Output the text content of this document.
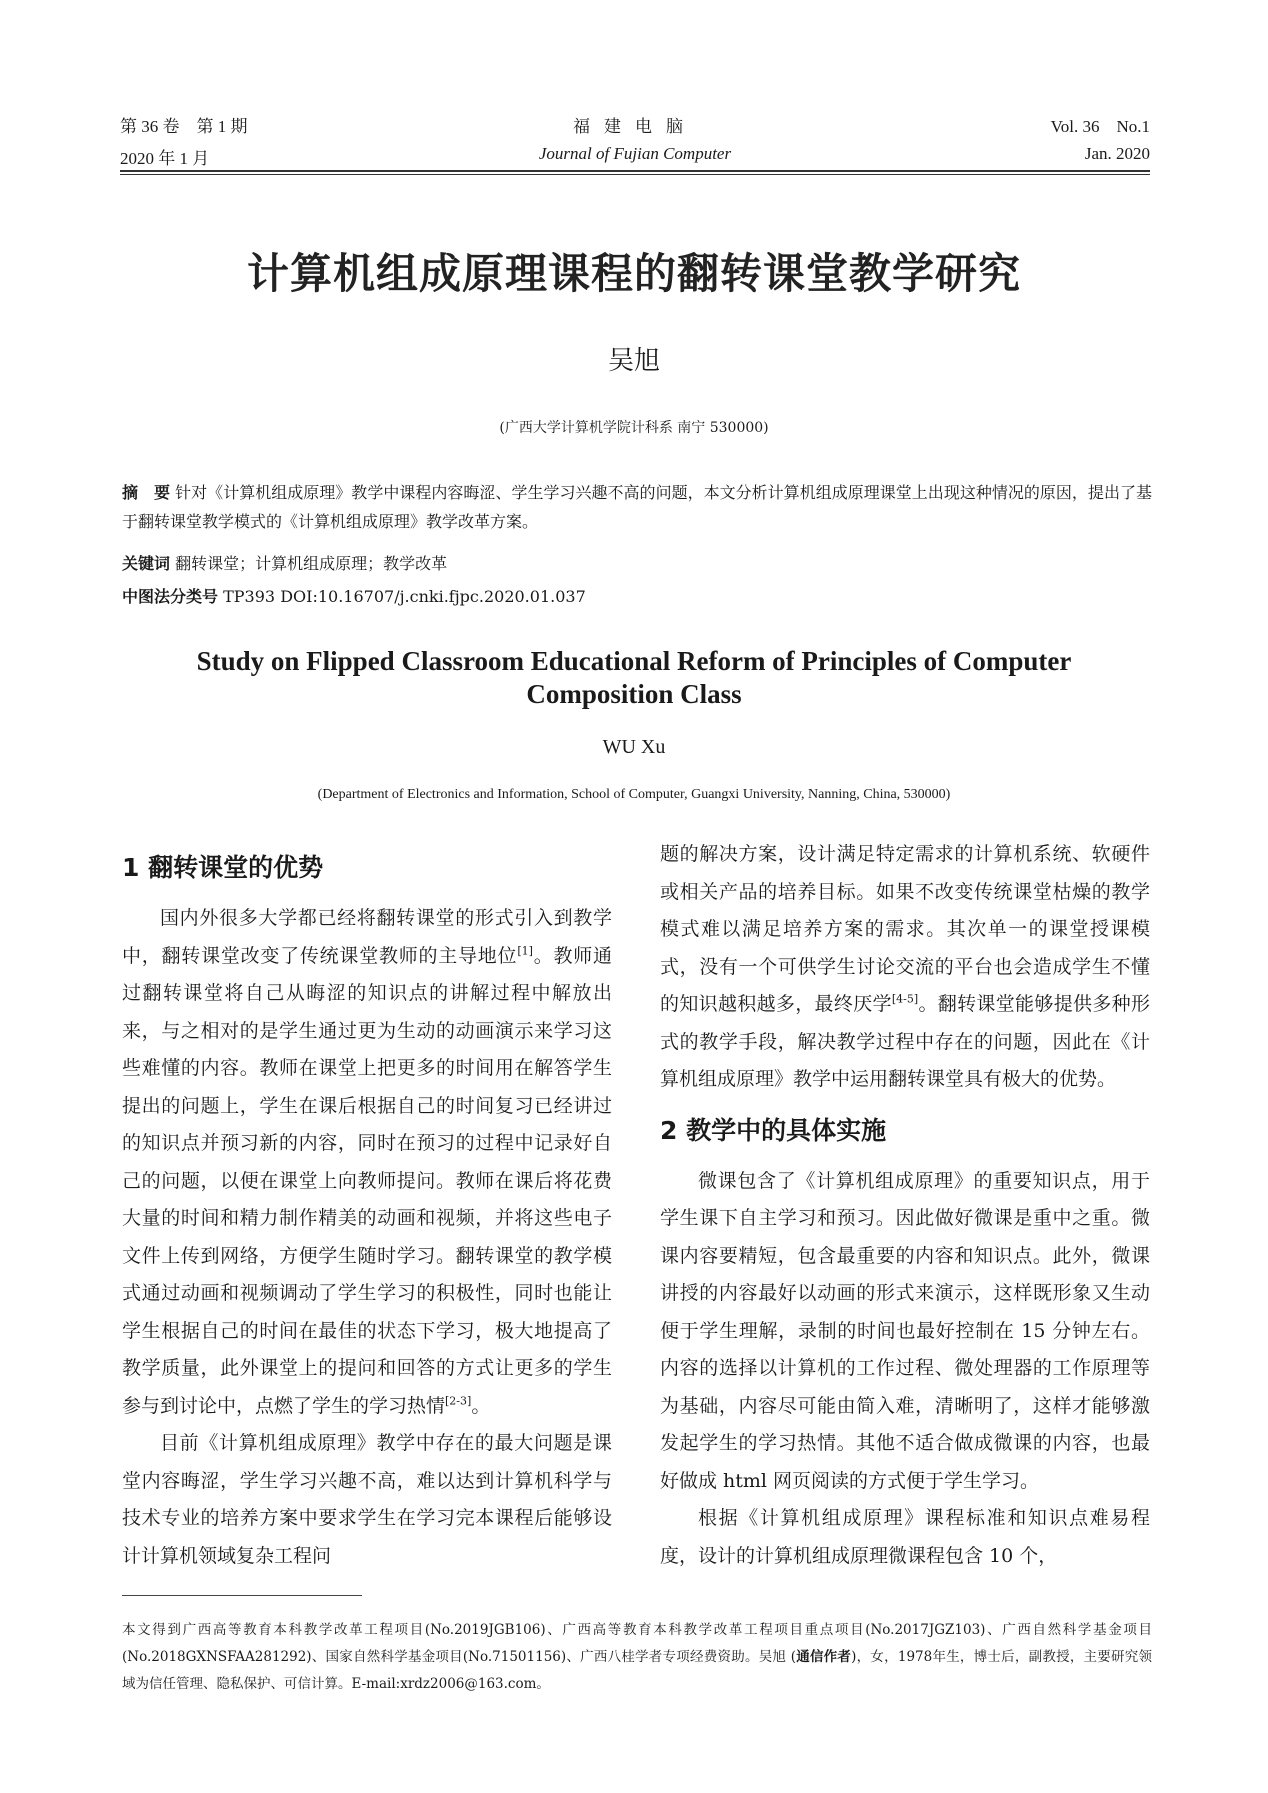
第 36 卷　第 1 期	福建电脑	Vol. 36　No.1
2020 年 1 月	Journal of Fujian Computer	Jan. 2020
计算机组成原理课程的翻转课堂教学研究
吴旭
(广西大学计算机学院计科系 南宁 530000)
摘　要 针对《计算机组成原理》教学中课程内容晦涩、学生学习兴趣不高的问题，本文分析计算机组成原理课堂上出现这种情况的原因，提出了基于翻转课堂教学模式的《计算机组成原理》教学改革方案。
关键词 翻转课堂；计算机组成原理；教学改革
中图法分类号 TP393 DOI:10.16707/j.cnki.fjpc.2020.01.037
Study on Flipped Classroom Educational Reform of Principles of Computer
Composition Class
WU Xu
(Department of Electronics and Information, School of Computer, Guangxi University, Nanning, China, 530000)
1 翻转课堂的优势

国内外很多大学都已经将翻转课堂的形式引入到教学中，翻转课堂改变了传统课堂教师的主导地位[1]。教师通过翻转课堂将自己从晦涩的知识点的讲解过程中解放出来，与之相对的是学生通过更为生动的动画演示来学习这些难懂的内容。教师在课堂上把更多的时间用在解答学生提出的问题上，学生在课后根据自己的时间复习已经讲过的知识点并预习新的内容，同时在预习的过程中记录好自己的问题，以便在课堂上向教师提问。教师在课后将花费大量的时间和精力制作精美的动画和视频，并将这些电子文件上传到网络，方便学生随时学习。翻转课堂的教学模式通过动画和视频调动了学生学习的积极性，同时也能让学生根据自己的时间在最佳的状态下学习，极大地提高了教学质量，此外课堂上的提问和回答的方式让更多的学生参与到讨论中，点燃了学生的学习热情[2-3]。

目前《计算机组成原理》教学中存在的最大问题是课堂内容晦涩，学生学习兴趣不高，难以达到计算机科学与技术专业的培养方案中要求学生在学习完本课程后能够设计计算机领域复杂工程问

题的解决方案，设计满足特定需求的计算机系统、软硬件或相关产品的培养目标。如果不改变传统课堂枯燥的教学模式难以满足培养方案的需求。其次单一的课堂授课模式，没有一个可供学生讨论交流的平台也会造成学生不懂的知识越积越多，最终厌学[4-5]。翻转课堂能够提供多种形式的教学手段，解决教学过程中存在的问题，因此在《计算机组成原理》教学中运用翻转课堂具有极大的优势。

2 教学中的具体实施

微课包含了《计算机组成原理》的重要知识点，用于学生课下自主学习和预习。因此做好微课是重中之重。微课内容要精短，包含最重要的内容和知识点。此外，微课讲授的内容最好以动画的形式来演示，这样既形象又生动便于学生理解，录制的时间也最好控制在 15 分钟左右。内容的选择以计算机的工作过程、微处理器的工作原理等为基础，内容尽可能由简入难，清晰明了，这样才能够激发起学生的学习热情。其他不适合做成微课的内容，也最好做成 html 网页阅读的方式便于学生学习。

根据《计算机组成原理》课程标准和知识点难易程度，设计的计算机组成原理微课程包含 10 个，

本文得到广西高等教育本科教学改革工程项目(No.2019JGB106)、广西高等教育本科教学改革工程项目重点项目(No.2017JGZ103)、广西自然科学基金项目(No.2018GXNSFAA281292)、国家自然科学基金项目(No.71501156)、广西八桂学者专项经费资助。吴旭 (通信作者)，女，1978年生，博士后，副教授，主要研究领域为信任管理、隐私保护、可信计算。E-mail:xrdz2006@163.com。
